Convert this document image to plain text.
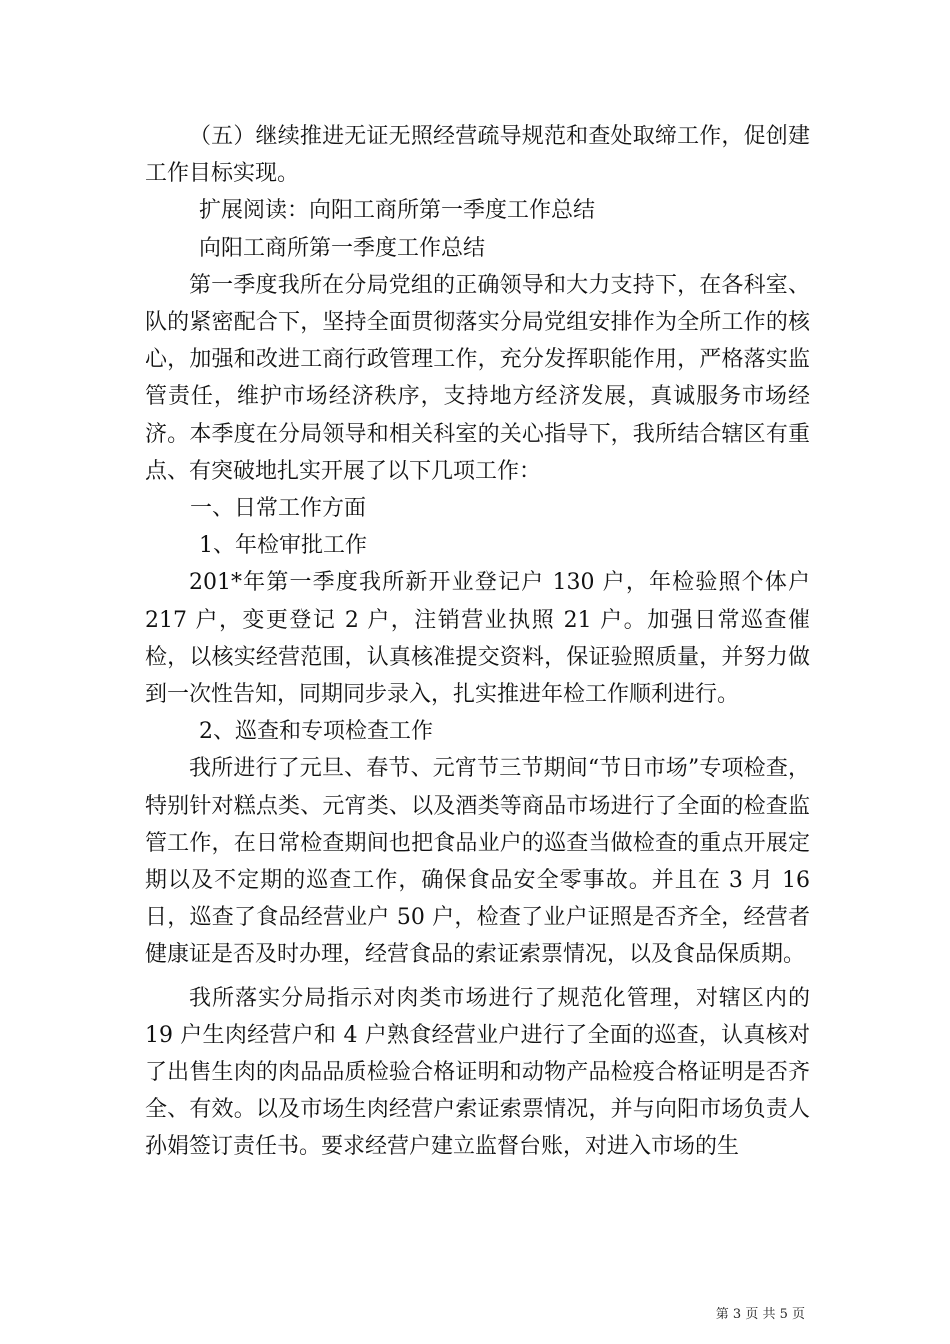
（五）继续推进无证无照经营疏导规范和查处取缔工作，促创建工作目标实现。

扩展阅读：向阳工商所第一季度工作总结

向阳工商所第一季度工作总结

第一季度我所在分局党组的正确领导和大力支持下，在各科室、队的紧密配合下，坚持全面贯彻落实分局党组安排作为全所工作的核心，加强和改进工商行政管理工作，充分发挥职能作用，严格落实监管责任，维护市场经济秩序，支持地方经济发展，真诚服务市场经济。本季度在分局领导和相关科室的关心指导下，我所结合辖区有重点、有突破地扎实开展了以下几项工作：

一、日常工作方面

1、年检审批工作

201*年第一季度我所新开业登记户 130 户，年检验照个体户 217 户，变更登记 2 户，注销营业执照 21 户。加强日常巡查催检，以核实经营范围，认真核准提交资料，保证验照质量，并努力做到一次性告知，同期同步录入，扎实推进年检工作顺利进行。

2、巡查和专项检查工作

我所进行了元旦、春节、元宵节三节期间“节日市场”专项检查，特别针对糕点类、元宵类、以及酒类等商品市场进行了全面的检查监管工作，在日常检查期间也把食品业户的巡查当做检查的重点开展定期以及不定期的巡查工作，确保食品安全零事故。并且在 3 月 16 日，巡查了食品经营业户 50 户，检查了业户证照是否齐全，经营者健康证是否及时办理，经营食品的索证索票情况，以及食品保质期。

我所落实分局指示对肉类市场进行了规范化管理，对辖区内的 19 户生肉经营户和 4 户熟食经营业户进行了全面的巡查，认真核对了出售生肉的肉品品质检验合格证明和动物产品检疫合格证明是否齐全、有效。以及市场生肉经营户索证索票情况，并与向阳市场负责人孙娟签订责任书。要求经营户建立监督台账，对进入市场的生

第 3 页 共 5 页
